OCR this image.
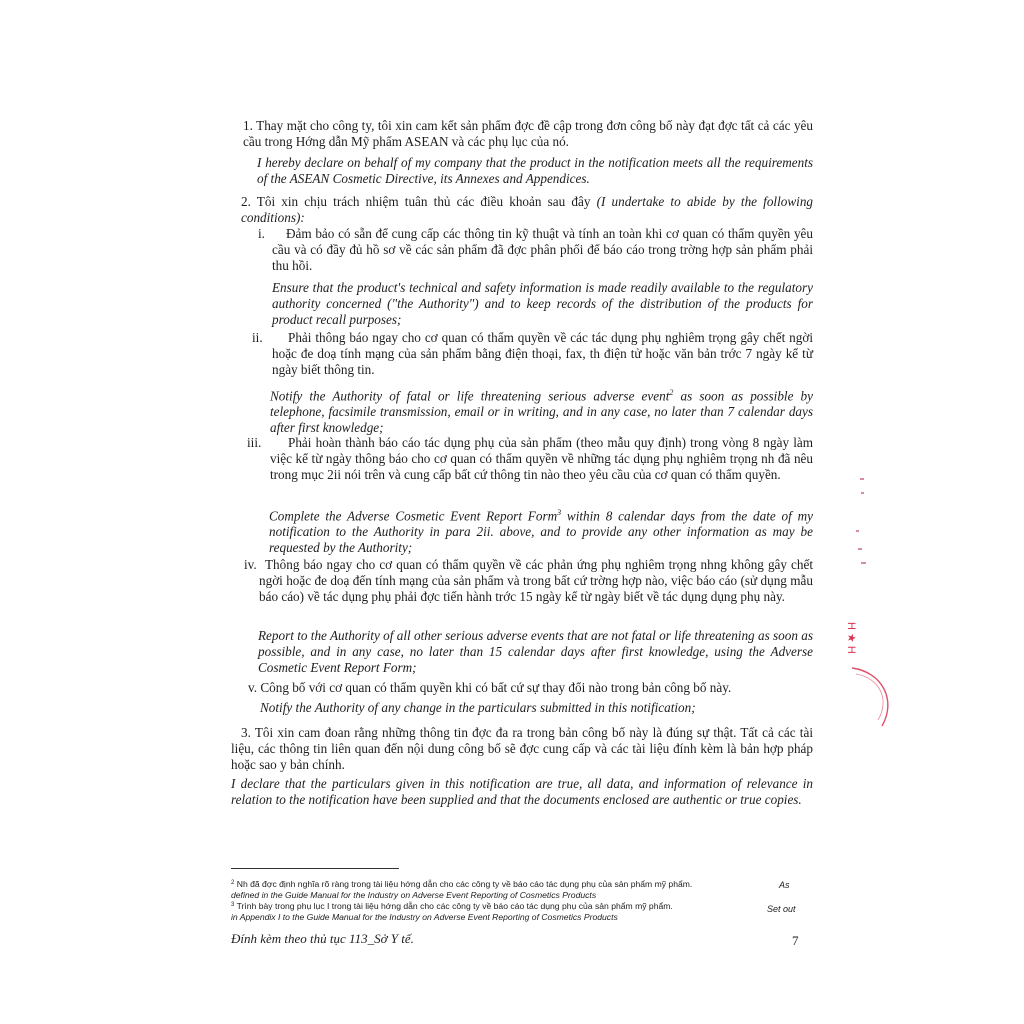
1. Thay mặt cho công ty, tôi xin cam kết sản phẩm đợc đề cập trong đơn công bố này đạt đợc tất cả các yêu cầu trong Hớng dẫn Mỹ phẩm ASEAN và các phụ lục của nó.
I hereby declare on behalf of my company that the product in the notification meets all the requirements of the ASEAN Cosmetic Directive, its Annexes and Appendices.
2. Tôi xin chịu trách nhiệm tuân thủ các điều khoản sau đây (I undertake to abide by the following conditions):
i.	Đảm bảo có sẵn để cung cấp các thông tin kỹ thuật và tính an toàn khi cơ quan có thẩm quyền yêu cầu và có đầy đủ hồ sơ về các sản phẩm đã đợc phân phối để báo cáo trong trờng hợp sản phẩm phải thu hồi.
Ensure that the product's technical and safety information is made readily available to the regulatory authority concerned ("the Authority") and to keep records of the distribution of the products for product recall purposes;
ii.	Phải thông báo ngay cho cơ quan có thẩm quyền về các tác dụng phụ nghiêm trọng gây chết ngời hoặc đe doạ tính mạng của sản phẩm bằng điện thoại, fax, th điện tử hoặc văn bản trớc 7 ngày kể từ ngày biết thông tin.
Notify the Authority of fatal or life threatening serious adverse event$^2$ as soon as possible by telephone, facsimile transmission, email or in writing, and in any case, no later than 7 calendar days after first knowledge;
iii.	Phải hoàn thành báo cáo tác dụng phụ của sản phẩm (theo mẫu quy định) trong vòng 8 ngày làm việc kể từ ngày thông báo cho cơ quan có thẩm quyền về những tác dụng phụ nghiêm trọng nh đã nêu trong mục 2ii nói trên và cung cấp bất cứ thông tin nào theo yêu cầu của cơ quan có thẩm quyền.
Complete the Adverse Cosmetic Event Report Form$^3$ within 8 calendar days from the date of my notification to the Authority in para 2ii. above, and to provide any other information as may be requested by the Authority;
iv. Thông báo ngay cho cơ quan có thẩm quyền về các phản ứng phụ nghiêm trọng nhng không gây chết ngời hoặc đe doạ đến tính mạng của sản phẩm và trong bất cứ trờng hợp nào, việc báo cáo (sử dụng mẫu báo cáo) về tác dụng phụ phải đợc tiến hành trớc 15 ngày kể từ ngày biết về tác dụng dụng phụ này.
Report to the Authority of all other serious adverse events that are not fatal or life threatening as soon as possible, and in any case, no later than 15 calendar days after first knowledge, using the Adverse Cosmetic Event Report Form;
v. Công bố với cơ quan có thẩm quyền khi có bất cứ sự thay đổi nào trong bản công bố này.
Notify the Authority of any change in the particulars submitted in this notification;
3. Tôi xin cam đoan rằng những thông tin đợc đa ra trong bản công bố này là đúng sự thật. Tất cả các tài liệu, các thông tin liên quan đến nội dung công bố sẽ đợc cung cấp và các tài liệu đính kèm là bản hợp pháp hoặc sao y bản chính.
I declare that the particulars given in this notification are true, all data, and information of relevance in relation to the notification have been supplied and that the documents enclosed are authentic or true copies.
$^2$ Nh đã đợc định nghĩa rõ ràng trong tài liệu hớng dẫn cho các công ty về báo cáo tác dụng phụ của sản phẩm mỹ phẩm.	As
defined in the Guide Manual for the Industry on Adverse Event Reporting of Cosmetics Products
$^3$ Trình bày trong phụ lục I trong tài liệu hớng dẫn cho các công ty về báo cáo tác dụng phụ của sản phẩm mỹ phẩm.	Set out
in Appendix I to the Guide Manual for the Industry on Adverse Event Reporting of Cosmetics Products
Đính kèm theo thủ tục 113_Sở Y tế.	7
H ★ H
